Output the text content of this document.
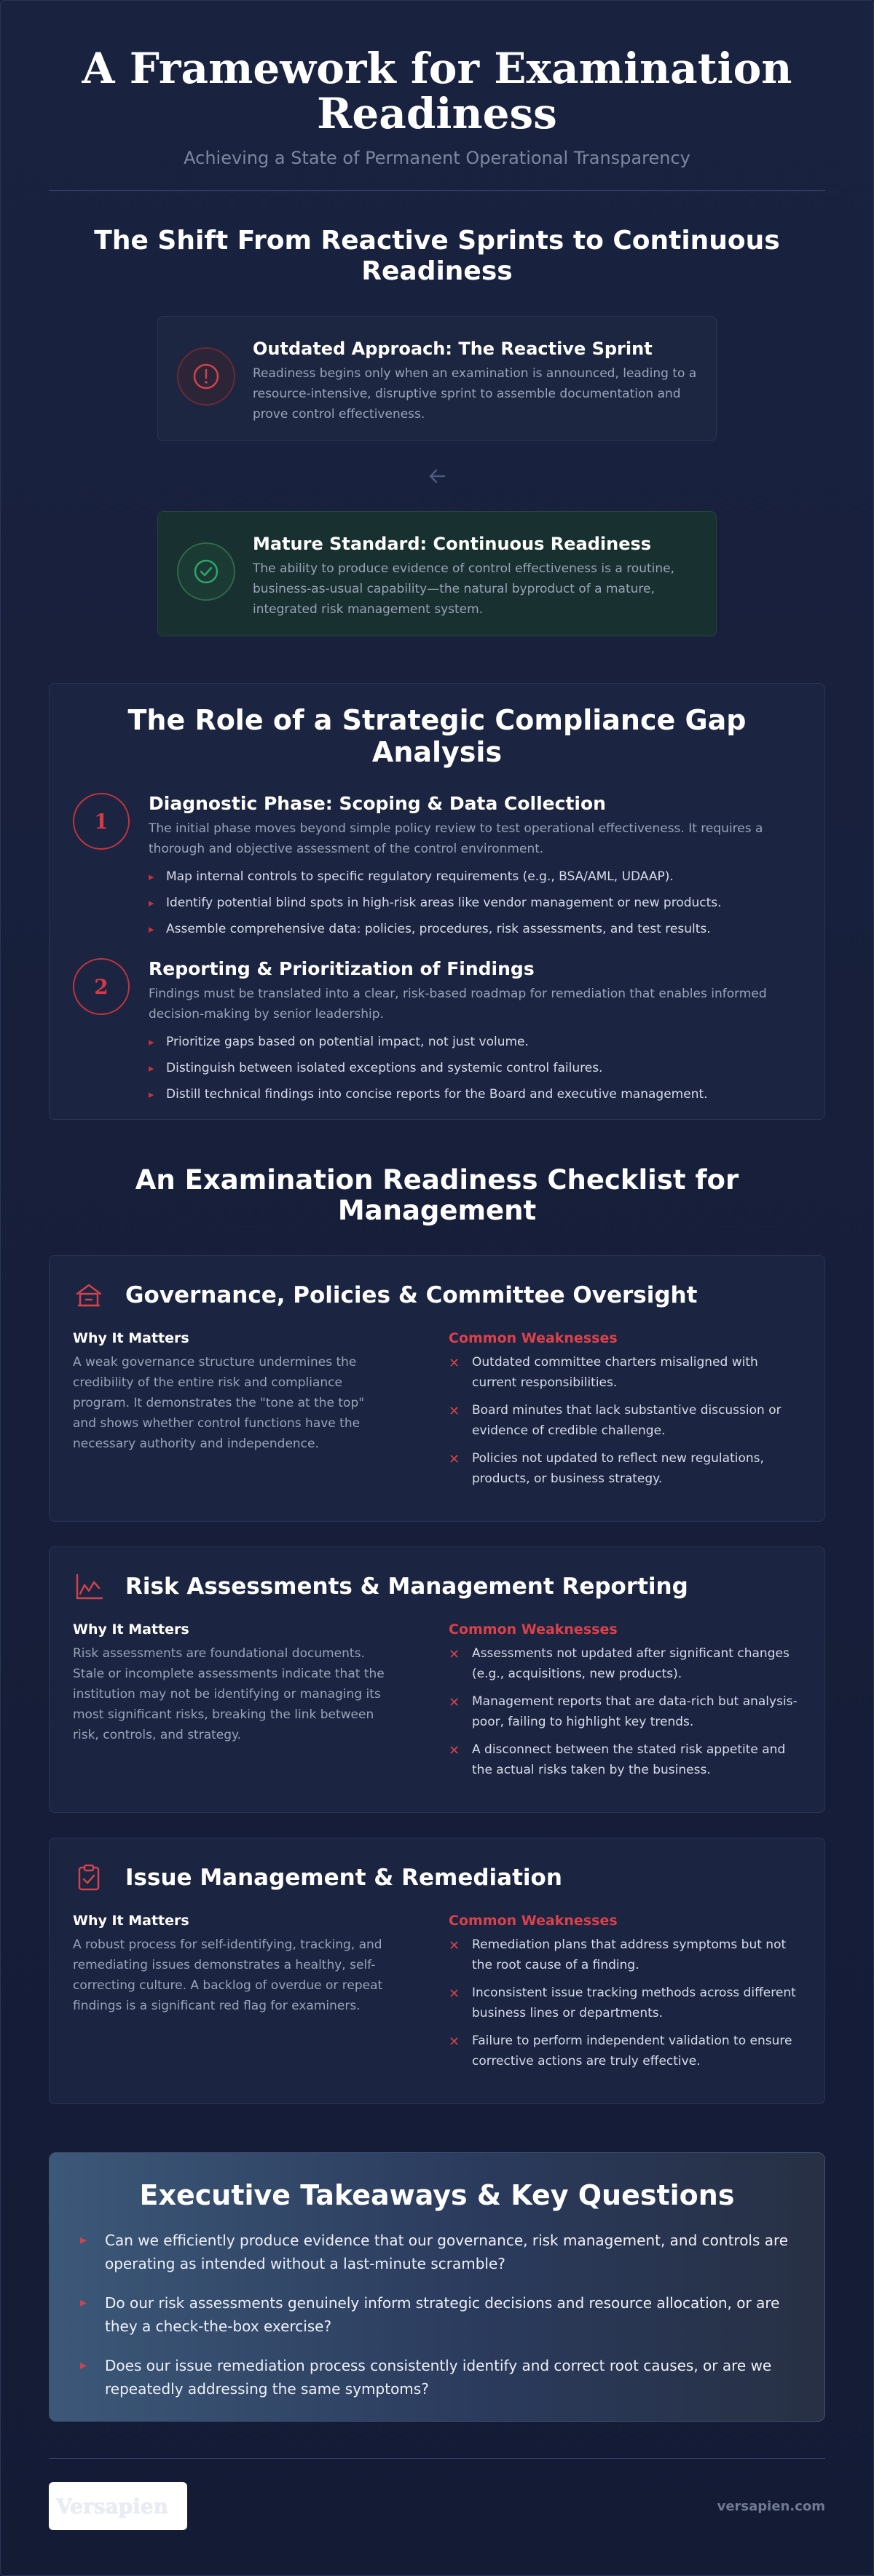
A Framework for Examination Readiness
Achieving a State of Permanent Operational Transparency
The Shift From Reactive Sprints to Continuous Readiness
Outdated Approach: The Reactive Sprint
Readiness begins only when an examination is announced, leading to a resource-intensive, disruptive sprint to assemble documentation and prove control effectiveness.
Mature Standard: Continuous Readiness
The ability to produce evidence of control effectiveness is a routine, business-as-usual capability—the natural byproduct of a mature, integrated risk management system.
The Role of a Strategic Compliance Gap Analysis
1
Diagnostic Phase: Scoping & Data Collection
The initial phase moves beyond simple policy review to test operational effectiveness. It requires a thorough and objective assessment of the control environment.
▸ Map internal controls to specific regulatory requirements (e.g., BSA/AML, UDAAP).
▸ Identify potential blind spots in high-risk areas like vendor management or new products.
▸ Assemble comprehensive data: policies, procedures, risk assessments, and test results.
2
Reporting & Prioritization of Findings
Findings must be translated into a clear, risk-based roadmap for remediation that enables informed decision-making by senior leadership.
▸ Prioritize gaps based on potential impact, not just volume.
▸ Distinguish between isolated exceptions and systemic control failures.
▸ Distill technical findings into concise reports for the Board and executive management.
An Examination Readiness Checklist for Management
Governance, Policies & Committee Oversight
Why It Matters
A weak governance structure undermines the credibility of the entire risk and compliance program. It demonstrates the "tone at the top" and shows whether control functions have the necessary authority and independence.
Common Weaknesses
✕ Outdated committee charters misaligned with current responsibilities.
✕ Board minutes that lack substantive discussion or evidence of credible challenge.
✕ Policies not updated to reflect new regulations, products, or business strategy.
Risk Assessments & Management Reporting
Why It Matters
Risk assessments are foundational documents. Stale or incomplete assessments indicate that the institution may not be identifying or managing its most significant risks, breaking the link between risk, controls, and strategy.
Common Weaknesses
✕ Assessments not updated after significant changes (e.g., acquisitions, new products).
✕ Management reports that are data-rich but analysis-poor, failing to highlight key trends.
✕ A disconnect between the stated risk appetite and the actual risks taken by the business.
Issue Management & Remediation
Why It Matters
A robust process for self-identifying, tracking, and remediating issues demonstrates a healthy, self-correcting culture. A backlog of overdue or repeat findings is a significant red flag for examiners.
Common Weaknesses
✕ Remediation plans that address symptoms but not the root cause of a finding.
✕ Inconsistent issue tracking methods across different business lines or departments.
✕ Failure to perform independent validation to ensure corrective actions are truly effective.
Executive Takeaways & Key Questions
▸ Can we efficiently produce evidence that our governance, risk management, and controls are operating as intended without a last-minute scramble?
▸ Do our risk assessments genuinely inform strategic decisions and resource allocation, or are they a check-the-box exercise?
▸ Does our issue remediation process consistently identify and correct root causes, or are we repeatedly addressing the same symptoms?
Versapien	versapien.com
